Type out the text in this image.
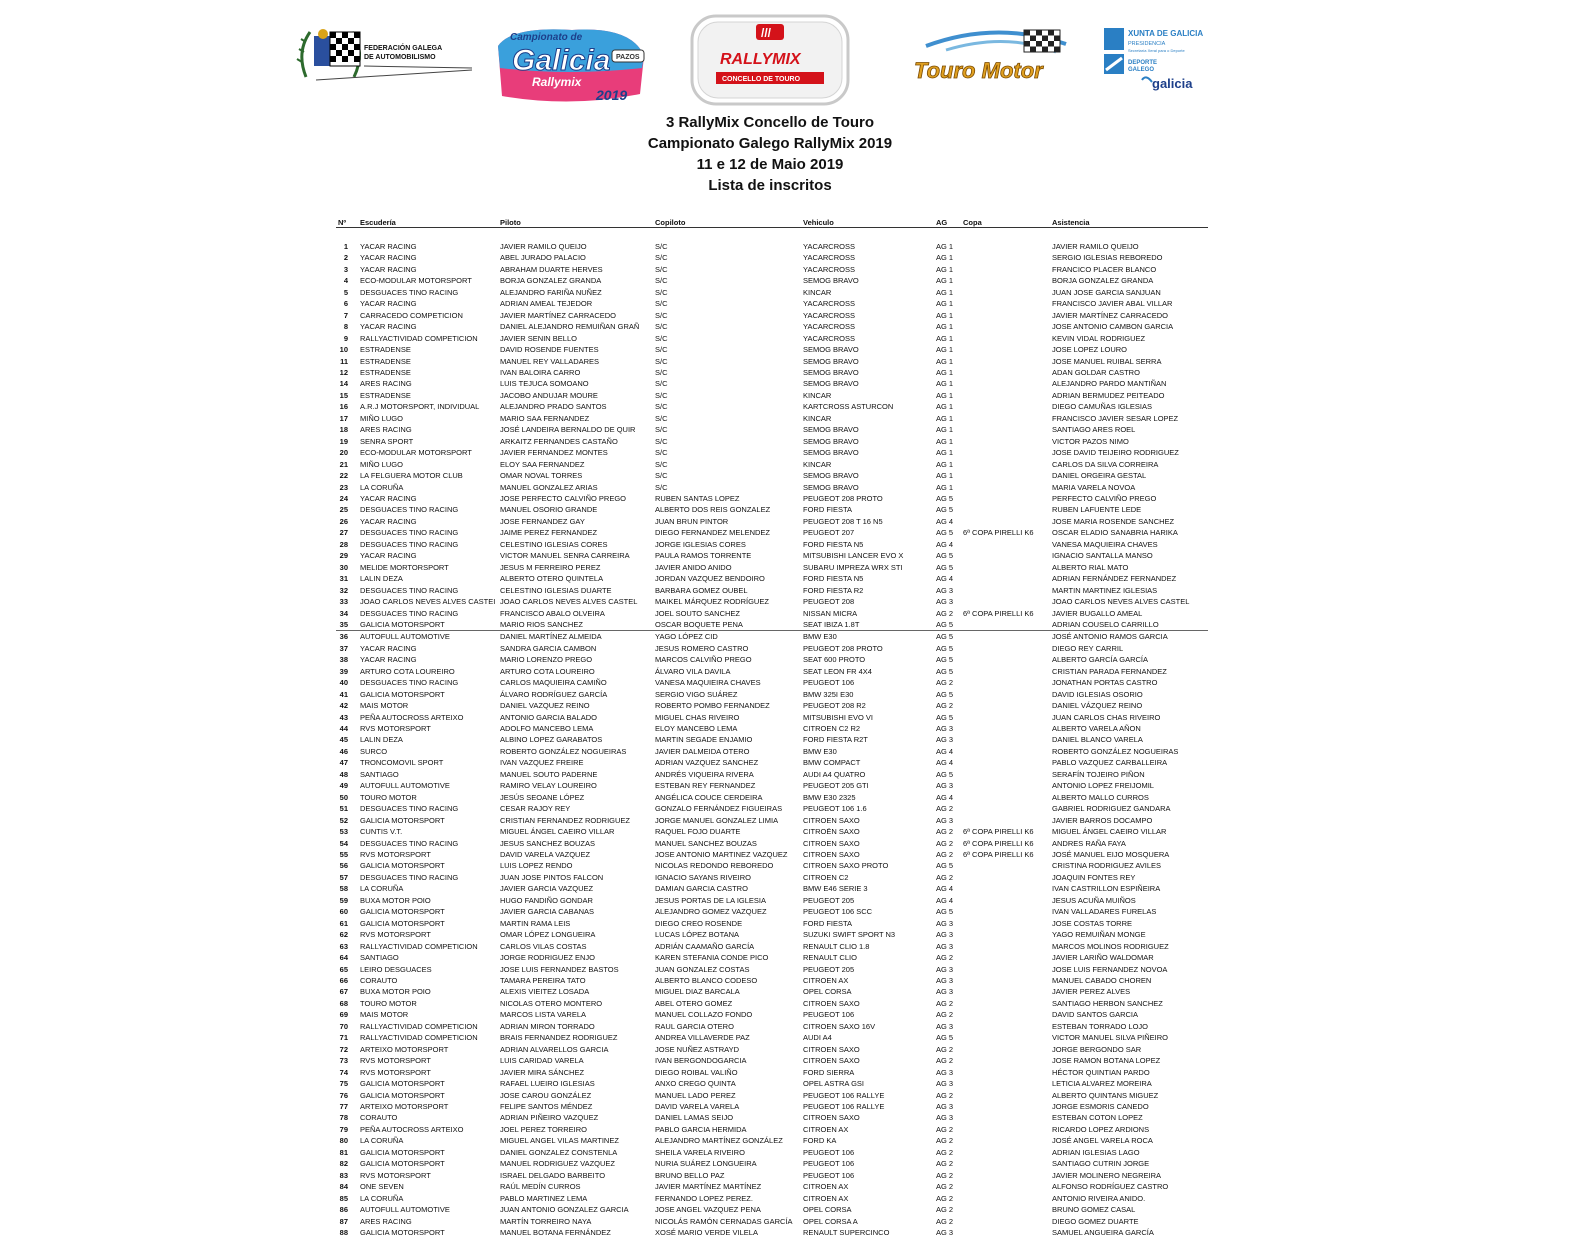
FEDERACIÓN GALEGA
DE AUTOMOBILISMO
Campionato de
Galicia
Rallymix
2019
PAZOS
///
RALLYMIX
CONCELLO DE TOURO	Touro Motor
XUNTA DE GALICIA
PRESIDENCIA
Secretaría Xeral para o Deporte
DEPORTE
GALEGO
galicia
3 RallyMix Concello de Touro
Campionato Galego RallyMix 2019
11 e 12 de Maio 2019
Lista de inscritos
Nº	Escudería	Piloto	Copiloto	Vehiculo	AG	Copa	Asistencia

1	YACAR RACING	JAVIER RAMILO QUEIJO	S/C	YACARCROSS	AG 1		JAVIER RAMILO QUEIJO
2	YACAR RACING	ABEL JURADO PALACIO	S/C	YACARCROSS	AG 1		SERGIO IGLESIAS REBOREDO
3	YACAR RACING	ABRAHAM DUARTE HERVES	S/C	YACARCROSS	AG 1		FRANCICO PLACER BLANCO
4	ECO-MODULAR MOTORSPORT	BORJA GONZALEZ GRANDA	S/C	SEMOG BRAVO	AG 1		BORJA GONZALEZ GRANDA
5	DESGUACES TINO RACING	ALEJANDRO FARIÑA NUÑEZ	S/C	KINCAR	AG 1		JUAN JOSE GARCIA SANJUAN
6	YACAR RACING	ADRIAN AMEAL TEJEDOR	S/C	YACARCROSS	AG 1		FRANCISCO JAVIER ABAL VILLAR
7	CARRACEDO COMPETICION	JAVIER MARTÍNEZ CARRACEDO	S/C	YACARCROSS	AG 1		JAVIER MARTÍNEZ CARRACEDO
8	YACAR RACING	DANIEL ALEJANDRO REMUIÑAN GRAÑ	S/C	YACARCROSS	AG 1		JOSE ANTONIO CAMBON GARCIA
9	RALLYACTIVIDAD COMPETICION	JAVIER SENIN BELLO	S/C	YACARCROSS	AG 1		KEVIN VIDAL RODRIGUEZ
10	ESTRADENSE	DAVID ROSENDE FUENTES	S/C	SEMOG BRAVO	AG 1		JOSE LOPEZ LOURO
11	ESTRADENSE	MANUEL REY VALLADARES	S/C	SEMOG BRAVO	AG 1		JOSE MANUEL RUIBAL SERRA
12	ESTRADENSE	IVAN BALOIRA CARRO	S/C	SEMOG BRAVO	AG 1		ADAN GOLDAR CASTRO
14	ARES RACING	LUIS TEJUCA SOMOANO	S/C	SEMOG BRAVO	AG 1		ALEJANDRO PARDO MANTIÑAN
15	ESTRADENSE	JACOBO ANDUJAR MOURE	S/C	KINCAR	AG 1		ADRIAN BERMUDEZ PEITEADO
16	A.R.J MOTORSPORT, INDIVIDUAL	ALEJANDRO PRADO SANTOS	S/C	KARTCROSS ASTURCON	AG 1		DIEGO CAMUÑAS IGLESIAS
17	MIÑO LUGO	MARIO SAA FERNANDEZ	S/C	KINCAR	AG 1		FRANCISCO JAVIER SESAR LOPEZ
18	ARES RACING	JOSÉ LANDEIRA BERNALDO DE QUIR	S/C	SEMOG BRAVO	AG 1		SANTIAGO ARES ROEL
19	SENRA SPORT	ARKAITZ FERNANDES CASTAÑO	S/C	SEMOG BRAVO	AG 1		VICTOR PAZOS NIMO
20	ECO-MODULAR MOTORSPORT	JAVIER FERNANDEZ MONTES	S/C	SEMOG BRAVO	AG 1		JOSE DAVID TEIJEIRO RODRIGUEZ
21	MIÑO LUGO	ELOY SAA FERNANDEZ	S/C	KINCAR	AG 1		CARLOS DA SILVA CORREIRA
22	LA FELGUERA MOTOR CLUB	OMAR NOVAL TORRES	S/C	SEMOG BRAVO	AG 1		DANIEL ORGEIRA GESTAL
23	LA CORUÑA	MANUEL GONZALEZ ARIAS	S/C	SEMOG BRAVO	AG 1		MARIA VARELA NOVOA
24	YACAR RACING	JOSE PERFECTO CALVIÑO PREGO	RUBEN SANTAS LOPEZ	PEUGEOT 208 PROTO	AG 5		PERFECTO CALVIÑO PREGO
25	DESGUACES TINO RACING	MANUEL OSORIO GRANDE	ALBERTO DOS REIS GONZALEZ	FORD FIESTA	AG 5		RUBEN LAFUENTE LEDE
26	YACAR RACING	JOSE FERNANDEZ GAY	JUAN BRUN PINTOR	PEUGEOT 208 T 16 N5	AG 4		JOSE MARIA ROSENDE SANCHEZ
27	DESGUACES TINO RACING	JAIME PEREZ FERNANDEZ	DIEGO FERNANDEZ MELENDEZ	PEUGEOT 207	AG 5	6ª COPA PIRELLI K6	OSCAR ELADIO SANABRIA HARIKA
28	DESGUACES TINO RACING	CELESTINO IGLESIAS CORES	JORGE IGLESIAS CORES	FORD FIESTA N5	AG 4		VANESA MAQUIEIRA CHAVES
29	YACAR RACING	VICTOR MANUEL SENRA CARREIRA	PAULA RAMOS TORRENTE	MITSUBISHI LANCER EVO X	AG 5		IGNACIO SANTALLA MANSO
30	MELIDE MORTORSPORT	JESUS M FERREIRO PEREZ	JAVIER ANIDO ANIDO	SUBARU IMPREZA WRX STI	AG 5		ALBERTO RIAL MATO
31	LALIN DEZA	ALBERTO OTERO QUINTELA	JORDAN VAZQUEZ BENDOIRO	FORD FIESTA N5	AG 4		ADRIAN FERNÁNDEZ FERNANDEZ
32	DESGUACES TINO RACING	CELESTINO IGLESIAS DUARTE	BARBARA GOMEZ OUBEL	FORD FIESTA R2	AG 3		MARTIN MARTINEZ IGLESIAS
33	JOAO CARLOS NEVES ALVES CASTEI	JOAO CARLOS NEVES ALVES CASTEL	MAIKEL MÁRQUEZ RODRÍGUEZ	PEUGEOT 208	AG 3		JOAO CARLOS NEVES ALVES CASTEL
34	DESGUACES TINO RACING	FRANCISCO ABALO OLVEIRA	JOEL SOUTO SANCHEZ	NISSAN MICRA	AG 2	6ª COPA PIRELLI K6	JAVIER BUGALLO AMEAL
35	GALICIA MOTORSPORT	MARIO RIOS SANCHEZ	OSCAR BOQUETE PENA	SEAT IBIZA 1.8T	AG 5		ADRIAN COUSELO CARRILLO
36	AUTOFULL AUTOMOTIVE	DANIEL MARTÍNEZ ALMEIDA	YAGO LÓPEZ CID	BMW E30	AG 5		JOSÉ ANTONIO RAMOS GARCIA
37	YACAR RACING	SANDRA GARCIA CAMBON	JESUS ROMERO CASTRO	PEUGEOT 208 PROTO	AG 5		DIEGO REY CARRIL
38	YACAR RACING	MARIO LORENZO PREGO	MARCOS CALVIÑO PREGO	SEAT 600 PROTO	AG 5		ALBERTO GARCÍA GARCÍA
39	ARTURO COTA LOUREIRO	ARTURO COTA LOUREIRO	ÁLVARO VILA DAVILA	SEAT LEON FR 4X4	AG 5		CRISTIAN PARADA FERNANDEZ
40	DESGUACES TINO RACING	CARLOS MAQUIEIRA CAMIÑO	VANESA MAQUIEIRA CHAVES	PEUGEOT 106	AG 2		JONATHAN PORTAS CASTRO
41	GALICIA MOTORSPORT	ÁLVARO RODRÍGUEZ GARCÍA	SERGIO VIGO SUÁREZ	BMW 325I E30	AG 5		DAVID IGLESIAS OSORIO
42	MAIS MOTOR	DANIEL VAZQUEZ REINO	ROBERTO POMBO FERNANDEZ	PEUGEOT 208 R2	AG 2		DANIEL VÁZQUEZ REINO
43	PEÑA AUTOCROSS ARTEIXO	ANTONIO GARCIA BALADO	MIGUEL CHAS RIVEIRO	MITSUBISHI EVO VI	AG 5		JUAN CARLOS CHAS RIVEIRO
44	RVS MOTORSPORT	ADOLFO MANCEBO LEMA	ELOY MANCEBO LEMA	CITROEN C2 R2	AG 3		ALBERTO VARELA AÑON
45	LALIN DEZA	ALBINO LOPEZ GARABATOS	MARTIN SEGADE ENJAMIO	FORD FIESTA R2T	AG 3		DANIEL BLANCO VARELA
46	SURCO	ROBERTO GONZÁLEZ NOGUEIRAS	JAVIER DALMEIDA OTERO	BMW E30	AG 4		ROBERTO GONZÁLEZ NOGUEIRAS
47	TRONCOMOVIL SPORT	IVAN VAZQUEZ FREIRE	ADRIAN VAZQUEZ SANCHEZ	BMW COMPACT	AG 4		PABLO VAZQUEZ CARBALLEIRA
48	SANTIAGO	MANUEL SOUTO PADERNE	ANDRÉS VIQUEIRA RIVERA	AUDI A4 QUATRO	AG 5		SERAFÍN TOJEIRO PIÑON
49	AUTOFULL AUTOMOTIVE	RAMIRO VELAY LOUREIRO	ESTEBAN REY FERNANDEZ	PEUGEOT 205 GTI	AG 3		ANTONIO LOPEZ FREIJOMIL
50	TOURO MOTOR	JESÚS SEOANE LÓPEZ	ANGÉLICA COUCE CERDEIRA	BMW E30 2325	AG 4		ALBERTO MALLO CURROS
51	DESGUACES TINO RACING	CESAR RAJOY REY	GONZALO FERNÁNDEZ FIGUEIRAS	PEUGEOT 106 1.6	AG 2		GABRIEL RODRIGUEZ GANDARA
52	GALICIA MOTORSPORT	CRISTIAN FERNANDEZ RODRIGUEZ	JORGE MANUEL GONZALEZ LIMIA	CITROEN SAXO	AG 3		JAVIER BARROS DOCAMPO
53	CUNTIS V.T.	MIGUEL ÁNGEL CAEIRO VILLAR	RAQUEL FOJO DUARTE	CITROËN SAXO	AG 2	6ª COPA PIRELLI K6	MIGUEL ÁNGEL CAEIRO VILLAR
54	DESGUACES TINO RACING	JESUS SANCHEZ BOUZAS	MANUEL SANCHEZ BOUZAS	CITROEN SAXO	AG 2	6ª COPA PIRELLI K6	ANDRES RAÑA FAYA
55	RVS MOTORSPORT	DAVID VARELA VAZQUEZ	JOSE ANTONIO MARTINEZ VAZQUEZ	CITROEN SAXO	AG 2	6ª COPA PIRELLI K6	JOSÉ MANUEL EIJO MOSQUERA
56	GALICIA MOTORSPORT	LUIS LOPEZ RENDO	NICOLAS REDONDO REBOREDO	CITROEN SAXO PROTO	AG 5		CRISTINA RODRIGUEZ AVILES
57	DESGUACES TINO RACING	JUAN JOSE PINTOS FALCON	IGNACIO SAYANS RIVEIRO	CITROEN C2	AG 2		JOAQUIN FONTES REY
58	LA CORUÑA	JAVIER GARCIA VAZQUEZ	DAMIAN GARCIA CASTRO	BMW E46 SERIE 3	AG 4		IVAN CASTRILLON ESPIÑEIRA
59	BUXA MOTOR POIO	HUGO FANDIÑO GONDAR	JESUS PORTAS DE LA IGLESIA	PEUGEOT 205	AG 4		JESUS ACUÑA MUIÑOS
60	GALICIA MOTORSPORT	JAVIER GARCIA CABANAS	ALEJANDRO GOMEZ VAZQUEZ	PEUGEOT 106 SCC	AG 5		IVAN VALLADARES FURELAS
61	GALICIA MOTORSPORT	MARTIN RAMA LEIS	DIEGO CREO ROSENDE	FORD FIESTA	AG 3		JOSE COSTAS TORRE
62	RVS MOTORSPORT	OMAR LÓPEZ LONGUEIRA	LUCAS LÓPEZ BOTANA	SUZUKI SWIFT SPORT N3	AG 3		YAGO REMUIÑAN MONGE
63	RALLYACTIVIDAD COMPETICION	CARLOS VILAS COSTAS	ADRIÁN CAAMAÑO GARCÍA	RENAULT CLIO 1.8	AG 3		MARCOS MOLINOS RODRIGUEZ
64	SANTIAGO	JORGE RODRIGUEZ ENJO	KAREN STEFANIA CONDE PICO	RENAULT CLIO	AG 2		JAVIER LARIÑO WALDOMAR
65	LEIRO DESGUACES	JOSE LUIS FERNANDEZ BASTOS	JUAN GONZALEZ COSTAS	PEUGEOT 205	AG 3		JOSE LUIS FERNANDEZ NOVOA
66	CORAUTO	TAMARA PEREIRA TATO	ALBERTO BLANCO CODESO	CITROEN AX	AG 3		MANUEL CABADO CHOREN
67	BUXA MOTOR POIO	ALEXIS VIEITEZ LOSADA	MIGUEL DIAZ BARCALA	OPEL CORSA	AG 3		JAVIER PEREZ ALVES
68	TOURO MOTOR	NICOLAS OTERO MONTERO	ABEL OTERO GOMEZ	CITROEN SAXO	AG 2		SANTIAGO HERBON SANCHEZ
69	MAIS MOTOR	MARCOS LISTA VARELA	MANUEL COLLAZO FONDO	PEUGEOT 106	AG 2		DAVID SANTOS GARCIA
70	RALLYACTIVIDAD COMPETICION	ADRIAN MIRON TORRADO	RAUL GARCIA OTERO	CITROEN SAXO 16V	AG 3		ESTEBAN TORRADO LOJO
71	RALLYACTIVIDAD COMPETICION	BRAIS FERNANDEZ RODRIGUEZ	ANDREA VILLAVERDE PAZ	AUDI A4	AG 5		VICTOR MANUEL SILVA PIÑEIRO
72	ARTEIXO MOTORSPORT	ADRIAN ALVARELLOS GARCIA	JOSE NUÑEZ ASTRAYD	CITROEN SAXO	AG 2		JORGE BERGONDO SAR
73	RVS MOTORSPORT	LUIS CARIDAD VARELA	IVAN BERGONDOGARCIA	CITROEN SAXO	AG 2		JOSE RAMON BOTANA LOPEZ
74	RVS MOTORSPORT	JAVIER MIRA SÁNCHEZ	DIEGO ROIBAL VALIÑO	FORD SIERRA	AG 3		HÉCTOR QUINTIAN PARDO
75	GALICIA MOTORSPORT	RAFAEL LUEIRO IGLESIAS	ANXO CREGO QUINTA	OPEL ASTRA GSI	AG 3		LETICIA ALVAREZ MOREIRA
76	GALICIA MOTORSPORT	JOSE CAROU GONZÁLEZ	MANUEL LADO PEREZ	PEUGEOT 106 RALLYE	AG 2		ALBERTO QUINTANS MIGUEZ
77	ARTEIXO MOTORSPORT	FELIPE SANTOS MÉNDEZ	DAVID VARELA VARELA	PEUGEOT 106 RALLYE	AG 3		JORGE ESMORIS CANEDO
78	CORAUTO	ADRIAN PIÑEIRO VAZQUEZ	DANIEL LAMAS SEIJO	CITROEN SAXO	AG 3		ESTEBAN COTON LOPEZ
79	PEÑA AUTOCROSS ARTEIXO	JOEL PEREZ TORREIRO	PABLO GARCIA HERMIDA	CITROEN AX	AG 2		RICARDO LOPEZ ARDIONS
80	LA CORUÑA	MIGUEL ANGEL VILAS MARTINEZ	ALEJANDRO MARTÍNEZ GONZÁLEZ	FORD KA	AG 2		JOSÉ ANGEL VARELA ROCA
81	GALICIA MOTORSPORT	DANIEL GONZALEZ CONSTENLA	SHEILA VARELA RIVEIRO	PEUGEOT 106	AG 2		ADRIAN IGLESIAS LAGO
82	GALICIA MOTORSPORT	MANUEL RODRIGUEZ VAZQUEZ	NURIA SUÁREZ LONGUEIRA	PEUGEOT 106	AG 2		SANTIAGO CUTRIN JORGE
83	RVS MOTORSPORT	ISRAEL DELGADO BARBEITO	BRUNO BELLO PAZ	PEUGEOT 106	AG 2		JAVIER MOLINERO NEGREIRA
84	ONE SEVEN	RAÚL MEDÍN CURROS	JAVIER MARTÍNEZ MARTÍNEZ	CITROEN AX	AG 2		ALFONSO RODRÍGUEZ CASTRO
85	LA CORUÑA	PABLO MARTINEZ LEMA	FERNANDO LOPEZ PEREZ.	CITROEN AX	AG 2		ANTONIO RIVEIRA ANIDO.
86	AUTOFULL AUTOMOTIVE	JUAN ANTONIO GONZALEZ GARCIA	JOSE ANGEL VAZQUEZ PENA	OPEL CORSA	AG 2		BRUNO GOMEZ CASAL
87	ARES RACING	MARTÍN TORREIRO NAYA	NICOLÁS RAMÓN CERNADAS GARCÍA	OPEL CORSA A	AG 2		DIEGO GOMEZ DUARTE
88	GALICIA MOTORSPORT	MANUEL BOTANA FERNÁNDEZ	XOSÉ MARIO VERDE VILELA	RENAULT SUPERCINCO	AG 3		SAMUEL ANGUEIRA GARCÍA
